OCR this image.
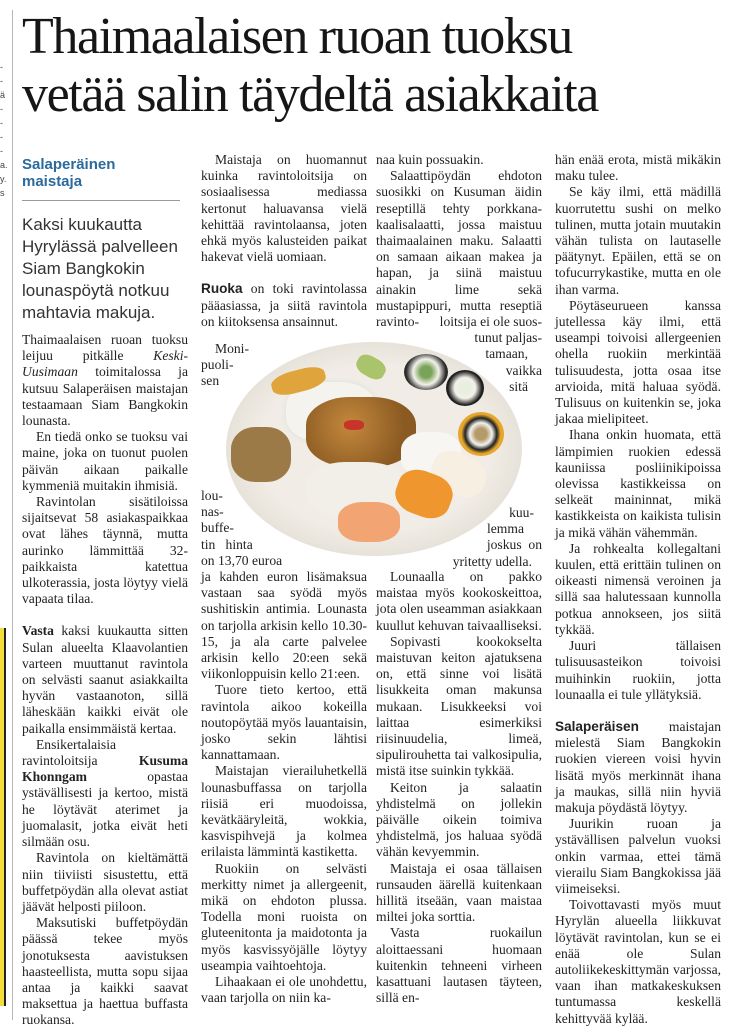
-
-
ä
-
-
-
-
a.
y.
s
Thaimaalaisen ruoan tuoksu
vetää salin täydeltä asiakkaita
Salaperäinen
maistaja
Kaksi kuukautta Hyrylässä palvelleen Siam Bangkokin lounaspöytä notkuu mahtavia makuja.

Thaimaalaisen ruoan tuoksu leijuu pitkälle Keski-Uusimaan toimitalossa ja kutsuu Salaperäisen maistajan testaamaan Siam Bangkokin lounasta.

En tiedä onko se tuoksu vai maine, joka on tuonut puolen päivän aikaan paikalle kymmeniä muitakin ihmisiä.

Ravintolan sisätiloissa sijaitsevat 58 asiakaspaikkaa ovat lähes täynnä, mutta aurinko lämmittää 32-paikkaista katettua ulkoterassia, josta löytyy vielä vapaata tilaa.

Vasta kaksi kuukautta sitten Sulan alueelta Klaavolantien varteen muuttanut ravintola on selvästi saanut asiakkailta hyvän vastaanoton, sillä läheskään kaikki eivät ole paikalla ensimmäistä kertaa.

Ensikertalaisia ravintoloitsija Kusuma Khonngam opastaa ystävällisesti ja kertoo, mistä he löytävät aterimet ja juomalasit, jotka eivät heti silmään osu.

Ravintola on kieltämättä niin tiiviisti sisustettu, että buffetpöydän alla olevat astiat jäävät helposti piiloon.

Maksutiski buffetpöydän päässä tekee myös jonotuksesta aavistuksen haasteellista, mutta sopu sijaa antaa ja kaikki saavat maksettua ja haettua buffasta ruokansa.

Maistaja on huomannut kuinka ravintoloitsija on sosiaalisessa mediassa kertonut haluavansa vielä kehittää ravintolaansa, joten ehkä myös kalusteiden paikat hakevat vielä uomiaan.

Ruoka on toki ravintolassa pääasiassa, ja siitä ravintola on kiitoksensa ansainnut.

Moni-
puoli-
sen
lou-
nas-
buffe-
tin   hinta
on 13,70 euroa

ja kahden euron lisämaksua vastaan saa syödä myös sushitiskin antimia. Lounasta on tarjolla arkisin kello 10.30-15, ja ala carte palvelee arkisin kello 20:een sekä viikonloppuisin kello 21:een.

Tuore tieto kertoo, että ravintola aikoo kokeilla noutopöytää myös lauantaisin, josko sekin lähtisi kannattamaan.

Maistajan vierailuhetkellä lounasbuffassa on tarjolla riisiä eri muodoissa, kevätkääryleitä, wokkia, kasvispihvejä ja kolmea erilaista lämmintä kastiketta.

Ruokiin on selvästi merkitty nimet ja allergeenit, mikä on ehdoton plussa. Todella moni ruoista on gluteenitonta ja maidotonta ja myös kasvissyöjälle löytyy useampia vaihtoehtoja.

Lihaakaan ei ole unohdettu, vaan tarjolla on niin ka-

naa kuin possuakin.

Salaattipöydän ehdoton suosikki on Kusuman äidin reseptillä tehty porkkana-kaalisalaatti, jossa maistuu thaimaalainen maku. Salaatti on samaan aikaan makea ja hapan, ja siinä maistuu ainakin lime sekä mustapippuri, mutta reseptiä ravinto-	loitsija ei ole suos-
tunut paljas-
tamaan,
vaikka
sitä
kuu-
lemma
joskus  on
yritetty udella.

Lounaalla on pakko maistaa myös kookoskeittoa, jota olen useamman asiakkaan kuullut kehuvan taivaalliseksi.

Sopivasti kookokselta maistuvan keiton ajatuksena on, että sinne voi lisätä lisukkeita oman makunsa mukaan. Lisukkeeksi voi laittaa esimerkiksi riisinuudelia, limeä, sipulirouhetta tai valkosipulia, mistä itse suinkin tykkää.

Keiton ja salaatin yhdistelmä on jollekin päivälle oikein toimiva yhdistelmä, jos haluaa syödä vähän kevyemmin.

Maistaja ei osaa tällaisen runsauden äärellä kuitenkaan hillitä itseään, vaan maistaa miltei joka sorttia.

Vasta ruokailun aloittaessani huomaan kuitenkin tehneeni virheen kasattuani lautasen täyteen, sillä en-

hän enää erota, mistä mikäkin maku tulee.

Se käy ilmi, että mädillä kuorrutettu sushi on melko tulinen, mutta jotain muutakin vähän tulista on lautaselle päätynyt. Epäilen, että se on tofucurrykastike, mutta en ole ihan varma.

Pöytäseurueen kanssa jutellessa käy ilmi, että useampi toivoisi allergeenien ohella ruokiin merkintää tulisuudesta, jotta osaa itse arvioida, mitä haluaa syödä. Tulisuus on kuitenkin se, joka jakaa mielipiteet.

Ihana onkin huomata, että lämpimien ruokien edessä kauniissa posliinikipoissa olevissa kastikkeissa on selkeät maininnat, mikä kastikkeista on kaikista tulisin ja mikä vähän vähemmän.

Ja rohkealta kollegaltani kuulen, että erittäin tulinen on oikeasti nimensä veroinen ja sillä saa halutessaan kunnolla potkua annokseen, jos siitä tykkää.

Juuri tällaisen tulisuusasteikon toivoisi muihinkin ruokiin, jotta lounaalla ei tule yllätyksiä.

Salaperäisen maistajan mielestä Siam Bangkokin ruokien viereen voisi hyvin lisätä myös merkinnät ihana ja maukas, sillä niin hyviä makuja pöydästä löytyy.

Juurikin ruoan ja ystävällisen palvelun vuoksi onkin varmaa, ettei tämä vierailu Siam Bangkokissa jää viimeiseksi.

Toivottavasti myös muut Hyrylän alueella liikkuvat löytävät ravintolan, kun se ei enää ole Sulan autoliikekeskittymän varjossa, vaan ihan matkakeskuksen tuntumassa keskellä kehittyvää kylää.
